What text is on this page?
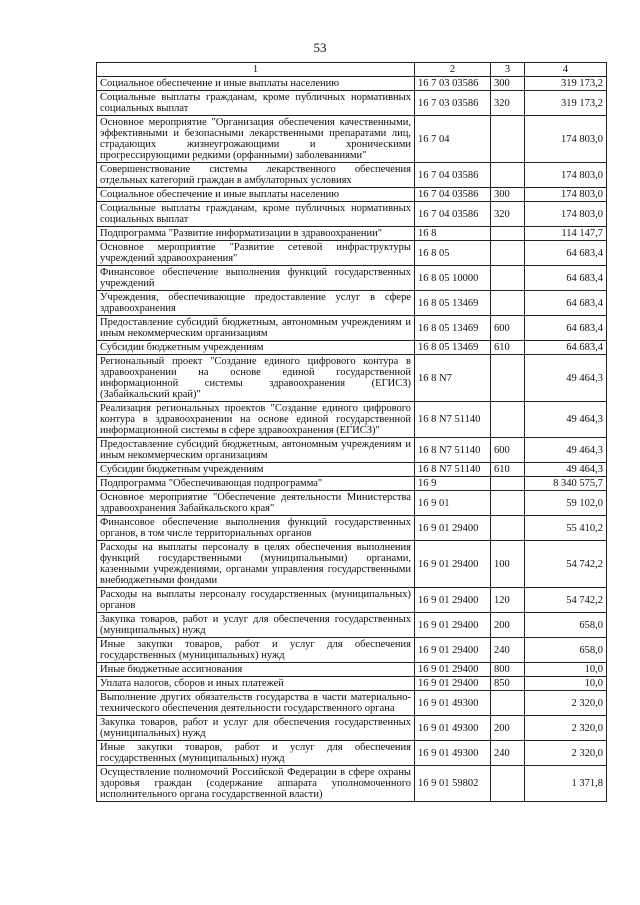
53
1	2	3	4
Социальное обеспечение и иные выплаты населению	16 7 03 03586	300	319 173,2
Социальные выплаты гражданам, кроме публичных нормативных социальных выплат	16 7 03 03586	320	319 173,2
Основное мероприятие "Организация обеспечения качественными, эффективными и безопасными лекарственными препаратами лиц, страдающих жизнеугрожающими и хроническими прогрессирующими редкими (орфанными) заболеваниями"	16 7 04		174 803,0
Совершенствование системы лекарственного обеспечения отдельных категорий граждан в амбулаторных условиях	16 7 04 03586		174 803,0
Социальное обеспечение и иные выплаты населению	16 7 04 03586	300	174 803,0
Социальные выплаты гражданам, кроме публичных нормативных социальных выплат	16 7 04 03586	320	174 803,0
Подпрограмма "Развитие информатизации в здравоохранении"	16 8		114 147,7
Основное мероприятие "Развитие сетевой инфраструктуры учреждений здравоохранения"	16 8 05		64 683,4
Финансовое обеспечение выполнения функций государственных учреждений	16 8 05 10000		64 683,4
Учреждения, обеспечивающие предоставление услуг в сфере здравоохранения	16 8 05 13469		64 683,4
Предоставление субсидий бюджетным, автономным учреждениям и иным некоммерческим организациям	16 8 05 13469	600	64 683,4
Субсидии бюджетным учреждениям	16 8 05 13469	610	64 683,4
Региональный проект "Создание единого цифрового контура в здравоохранении на основе единой государственной информационной системы здравоохранения (ЕГИСЗ) (Забайкальский край)"	16 8 N7		49 464,3
Реализация региональных проектов "Создание единого цифрового контура в здравоохранении на основе единой государственной информационной системы в сфере здравоохранения (ЕГИСЗ)"	16 8 N7 51140		49 464,3
Предоставление субсидий бюджетным, автономным учреждениям и иным некоммерческим организациям	16 8 N7 51140	600	49 464,3
Субсидии бюджетным учреждениям	16 8 N7 51140	610	49 464,3
Подпрограмма "Обеспечивающая подпрограмма"	16 9		8 340 575,7
Основное мероприятие "Обеспечение деятельности Министерства здравоохранения Забайкальского края"	16 9 01		59 102,0
Финансовое обеспечение выполнения функций государственных органов, в том числе территориальных органов	16 9 01 29400		55 410,2
Расходы на выплаты персоналу в целях обеспечения выполнения функций государственными (муниципальными) органами, казенными учреждениями, органами управления государственными внебюджетными фондами	16 9 01 29400	100	54 742,2
Расходы на выплаты персоналу государственных (муниципальных) органов	16 9 01 29400	120	54 742,2
Закупка товаров, работ и услуг для обеспечения государственных (муниципальных) нужд	16 9 01 29400	200	658,0
Иные закупки товаров, работ и услуг для обеспечения государственных (муниципальных) нужд	16 9 01 29400	240	658,0
Иные бюджетные ассигнования	16 9 01 29400	800	10,0
Уплата налогов, сборов и иных платежей	16 9 01 29400	850	10,0
Выполнение других обязательств государства в части материально-технического обеспечения деятельности государственного органа	16 9 01 49300		2 320,0
Закупка товаров, работ и услуг для обеспечения государственных (муниципальных) нужд	16 9 01 49300	200	2 320,0
Иные закупки товаров, работ и услуг для обеспечения государственных (муниципальных) нужд	16 9 01 49300	240	2 320,0
Осуществление полномочий Российской Федерации в сфере охраны здоровья граждан (содержание аппарата уполномоченного исполнительного органа государственной власти)	16 9 01 59802		1 371,8
